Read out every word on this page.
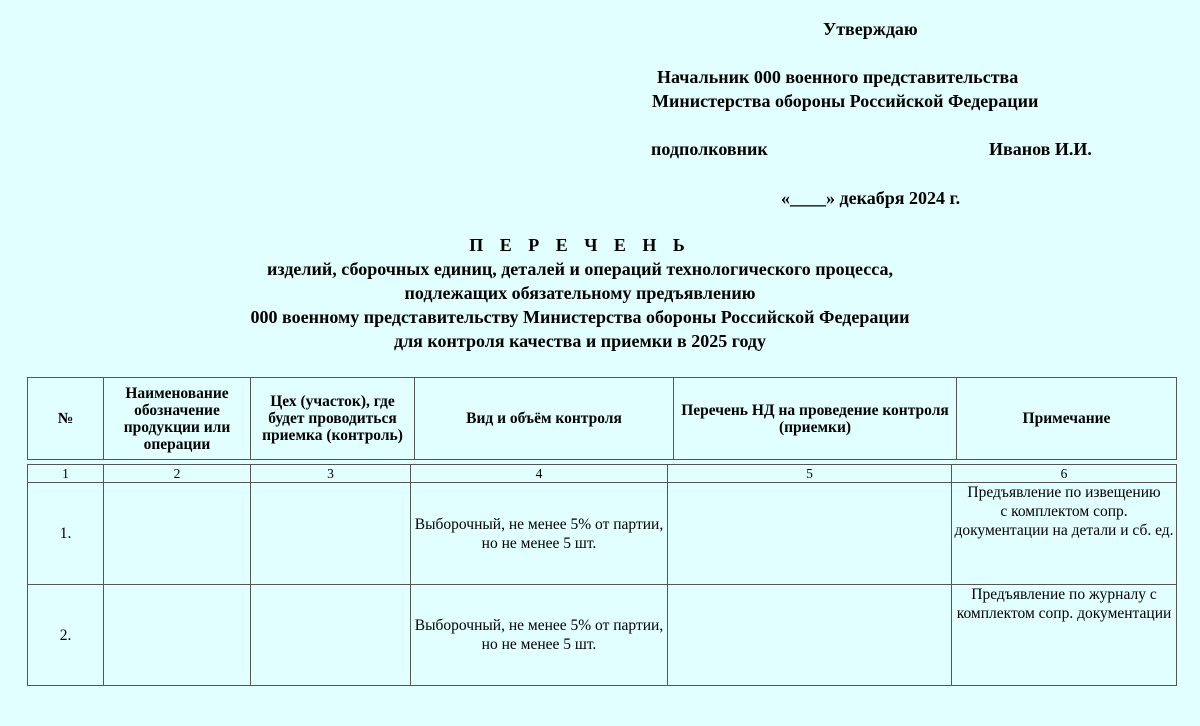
Утверждаю
Начальник 000 военного представительства
Министерства обороны Российской Федерации
подполковник	Иванов И.И.
«____» декабря 2024 г.
П Е Р Е Ч Е Н Ь
изделий, сборочных единиц, деталей и операций технологического процесса,
подлежащих обязательному предъявлению
000 военному представительству Министерства обороны Российской Федерации
для контроля качества и приемки в 2025 году
№	Наименование обозначение продукции или операции	Цех (участок), где будет проводиться приемка (контроль)	Вид и объём контроля	Перечень НД на проведение контроля (приемки)	Примечание
1	2	3	4	5	6
1.			Выборочный, не менее 5% от партии, но не менее 5 шт.		Предъявление по извещению
с комплектом сопр. документации на детали и сб. ед.
2.			Выборочный, не менее 5% от партии, но не менее 5 шт.		Предъявление по журналу с комплектом сопр. документации
